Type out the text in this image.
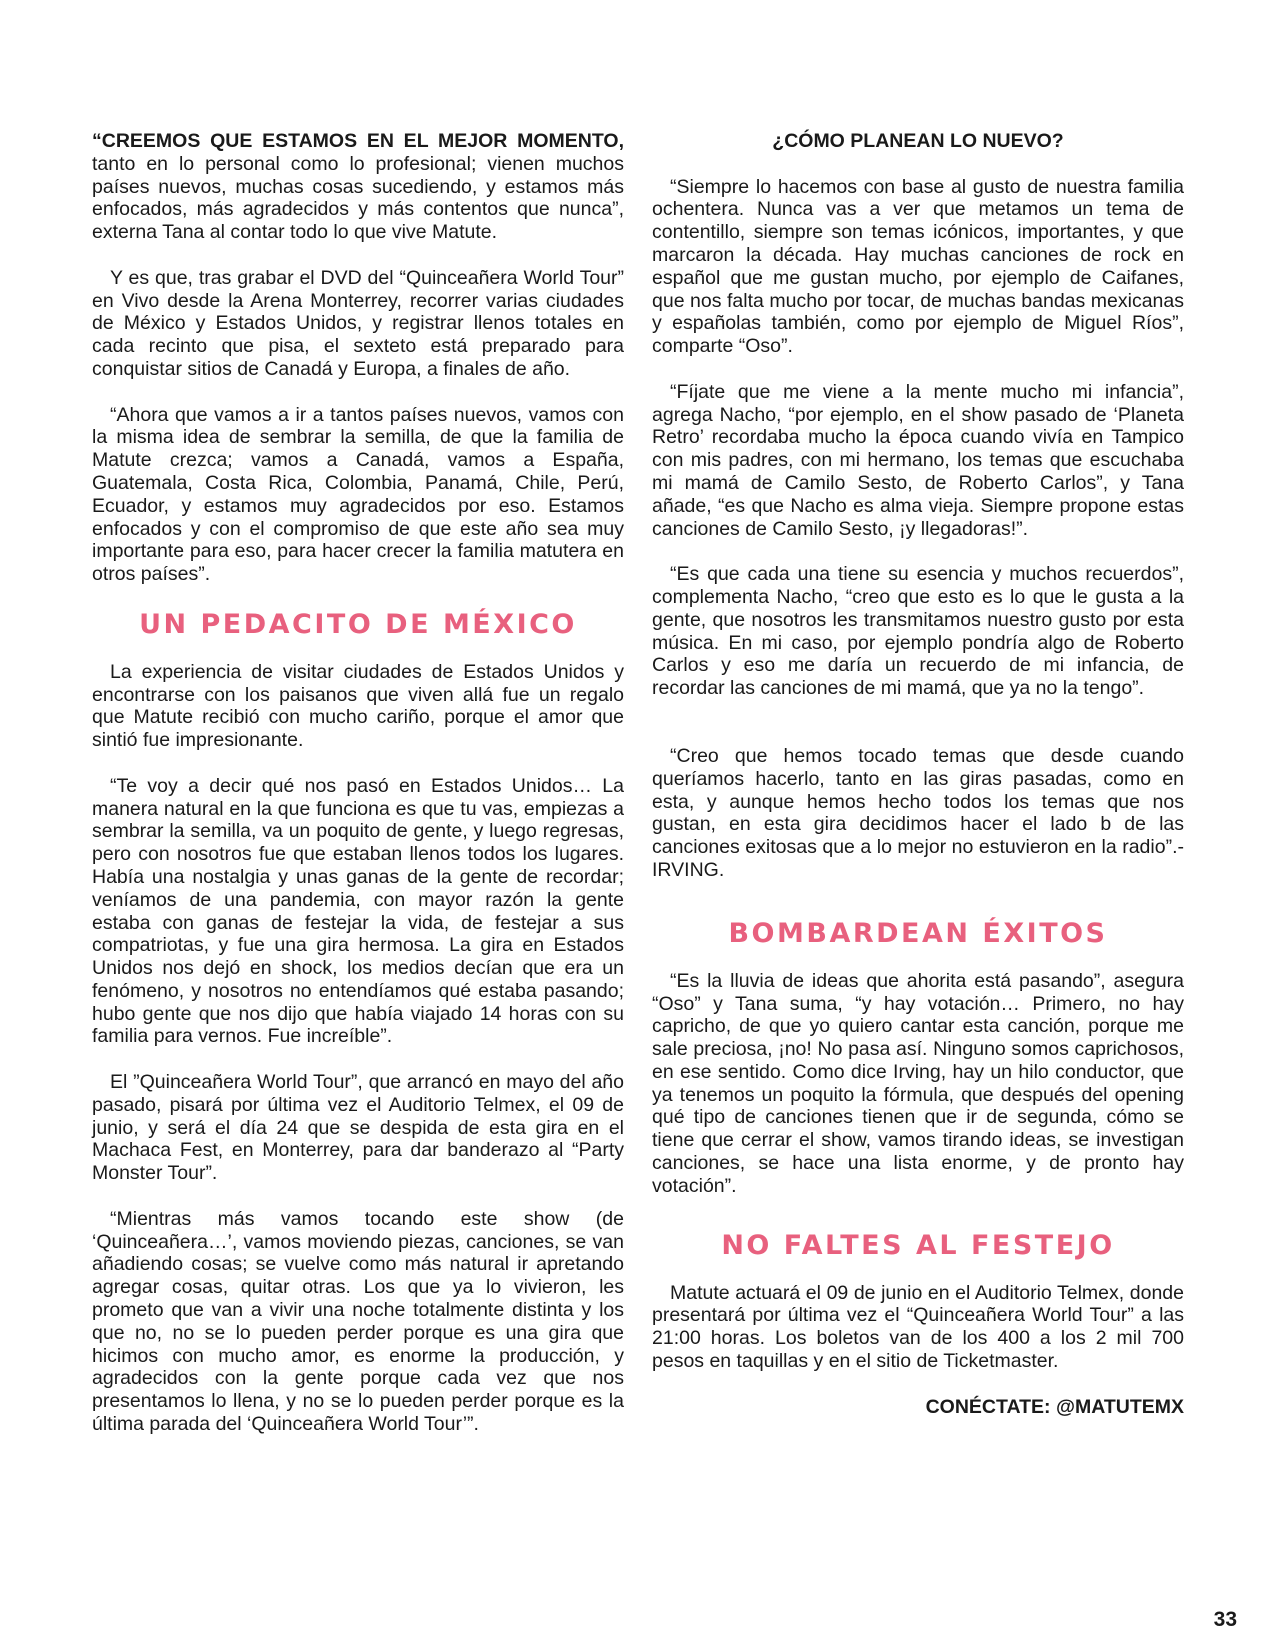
“CREEMOS QUE ESTAMOS EN EL MEJOR MOMENTO, tanto en lo personal como lo profesional; vienen muchos países nuevos, muchas cosas sucediendo, y estamos más enfocados, más agradecidos y más contentos que nunca”, externa Tana al contar todo lo que vive Matute.

Y es que, tras grabar el DVD del “Quinceañera World Tour” en Vivo desde la Arena Monterrey, recorrer varias ciudades de México y Estados Unidos, y registrar llenos totales en cada recinto que pisa, el sexteto está preparado para conquistar sitios de Canadá y Europa, a finales de año.

“Ahora que vamos a ir a tantos países nuevos, vamos con la misma idea de sembrar la semilla, de que la familia de Matute crezca; vamos a Canadá, vamos a España, Guatemala, Costa Rica, Colombia, Panamá, Chile, Perú, Ecuador, y estamos muy agradecidos por eso. Estamos enfocados y con el compromiso de que este año sea muy importante para eso, para hacer crecer la familia matutera en otros países”.

UN PEDACITO DE MÉXICO

La experiencia de visitar ciudades de Estados Unidos y encontrarse con los paisanos que viven allá fue un regalo que Matute recibió con mucho cariño, porque el amor que sintió fue impresionante.

“Te voy a decir qué nos pasó en Estados Unidos… La manera natural en la que funciona es que tu vas, empiezas a sembrar la semilla, va un poquito de gente, y luego regresas, pero con nosotros fue que estaban llenos todos los lugares. Había una nostalgia y unas ganas de la gente de recordar; veníamos de una pandemia, con mayor razón la gente estaba con ganas de festejar la vida, de festejar a sus compatriotas, y fue una gira hermosa. La gira en Estados Unidos nos dejó en shock, los medios decían que era un fenómeno, y nosotros no entendíamos qué estaba pasando; hubo gente que nos dijo que había viajado 14 horas con su familia para vernos. Fue increíble”.

El ”Quinceañera World Tour”, que arrancó en mayo del año pasado, pisará por última vez el Auditorio Telmex, el 09 de junio, y será el día 24 que se despida de esta gira en el Machaca Fest, en Monterrey, para dar banderazo al “Party Monster Tour”.

“Mientras más vamos tocando este show (de ‘Quinceañera…’, vamos moviendo piezas, canciones, se van añadiendo cosas; se vuelve como más natural ir apretando agregar cosas, quitar otras. Los que ya lo vivieron, les prometo que van a vivir una noche totalmente distinta y los que no, no se lo pueden perder porque es una gira que hicimos con mucho amor, es enorme la producción, y agradecidos con la gente porque cada vez que nos presentamos lo llena, y no se lo pueden perder porque es la última parada del ‘Quinceañera World Tour’”.

¿CÓMO PLANEAN LO NUEVO?

“Siempre lo hacemos con base al gusto de nuestra familia ochentera. Nunca vas a ver que metamos un tema de contentillo, siempre son temas icónicos, importantes, y que marcaron la década. Hay muchas canciones de rock en español que me gustan mucho, por ejemplo de Caifanes, que nos falta mucho por tocar, de muchas bandas mexicanas y españolas también, como por ejemplo de Miguel Ríos”, comparte “Oso”.

“Fíjate que me viene a la mente mucho mi infancia”, agrega Nacho, “por ejemplo, en el show pasado de ‘Planeta Retro’ recordaba mucho la época cuando vivía en Tampico con mis padres, con mi hermano, los temas que escuchaba mi mamá de Camilo Sesto, de Roberto Carlos”, y Tana añade, “es que Nacho es alma vieja. Siempre propone estas canciones de Camilo Sesto, ¡y llegadoras!”.

“Es que cada una tiene su esencia y muchos recuerdos”, complementa Nacho, “creo que esto es lo que le gusta a la gente, que nosotros les transmitamos nuestro gusto por esta música. En mi caso, por ejemplo pondría algo de Roberto Carlos y eso me daría un recuerdo de mi infancia, de recordar las canciones de mi mamá, que ya no la tengo”.

“Creo que hemos tocado temas que desde cuando queríamos hacerlo, tanto en las giras pasadas, como en esta, y aunque hemos hecho todos los temas que nos gustan, en esta gira decidimos hacer el lado b de las canciones exitosas que a lo mejor no estuvieron en la radio”.- IRVING.

BOMBARDEAN ÉXITOS

“Es la lluvia de ideas que ahorita está pasando”, asegura “Oso” y Tana suma, “y hay votación… Primero, no hay capricho, de que yo quiero cantar esta canción, porque me sale preciosa, ¡no! No pasa así. Ninguno somos caprichosos, en ese sentido. Como dice Irving, hay un hilo conductor, que ya tenemos un poquito la fórmula, que después del opening qué tipo de canciones tienen que ir de segunda, cómo se tiene que cerrar el show, vamos tirando ideas, se investigan canciones, se hace una lista enorme, y de pronto hay votación”.

NO FALTES AL FESTEJO

Matute actuará el 09 de junio en el Auditorio Telmex, donde presentará por última vez el “Quinceañera World Tour” a las 21:00 horas. Los boletos van de los 400 a los 2 mil 700 pesos en taquillas y en el sitio de Ticketmaster.

CONÉCTATE: @MATUTEMX
33
